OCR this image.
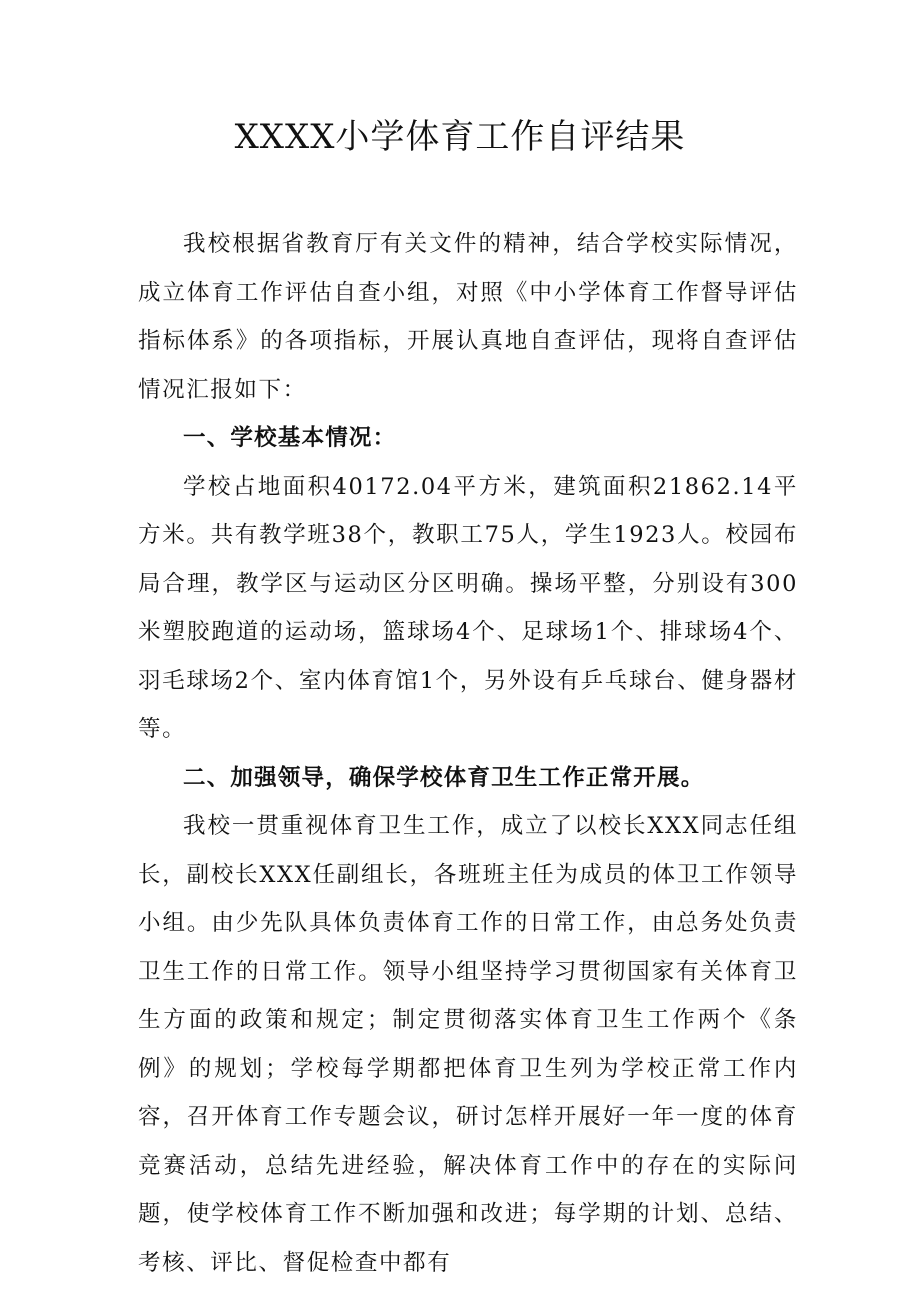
XXXX小学体育工作自评结果

我校根据省教育厅有关文件的精神，结合学校实际情况，成立体育工作评估自查小组，对照《中小学体育工作督导评估指标体系》的各项指标，开展认真地自查评估，现将自查评估情况汇报如下：

一、学校基本情况：

学校占地面积40172.04平方米，建筑面积21862.14平方米。共有教学班38个，教职工75人，学生1923人。校园布局合理，教学区与运动区分区明确。操场平整，分别设有300米塑胶跑道的运动场，篮球场4个、足球场1个、排球场4个、羽毛球场2个、室内体育馆1个，另外设有乒乓球台、健身器材等。

二、加强领导，确保学校体育卫生工作正常开展。

我校一贯重视体育卫生工作，成立了以校长XXX同志任组长，副校长XXX任副组长，各班班主任为成员的体卫工作领导小组。由少先队具体负责体育工作的日常工作，由总务处负责卫生工作的日常工作。领导小组坚持学习贯彻国家有关体育卫生方面的政策和规定；制定贯彻落实体育卫生工作两个《条例》的规划；学校每学期都把体育卫生列为学校正常工作内容，召开体育工作专题会议，研讨怎样开展好一年一度的体育竞赛活动，总结先进经验，解决体育工作中的存在的实际问题，使学校体育工作不断加强和改进；每学期的计划、总结、考核、评比、督促检查中都有
